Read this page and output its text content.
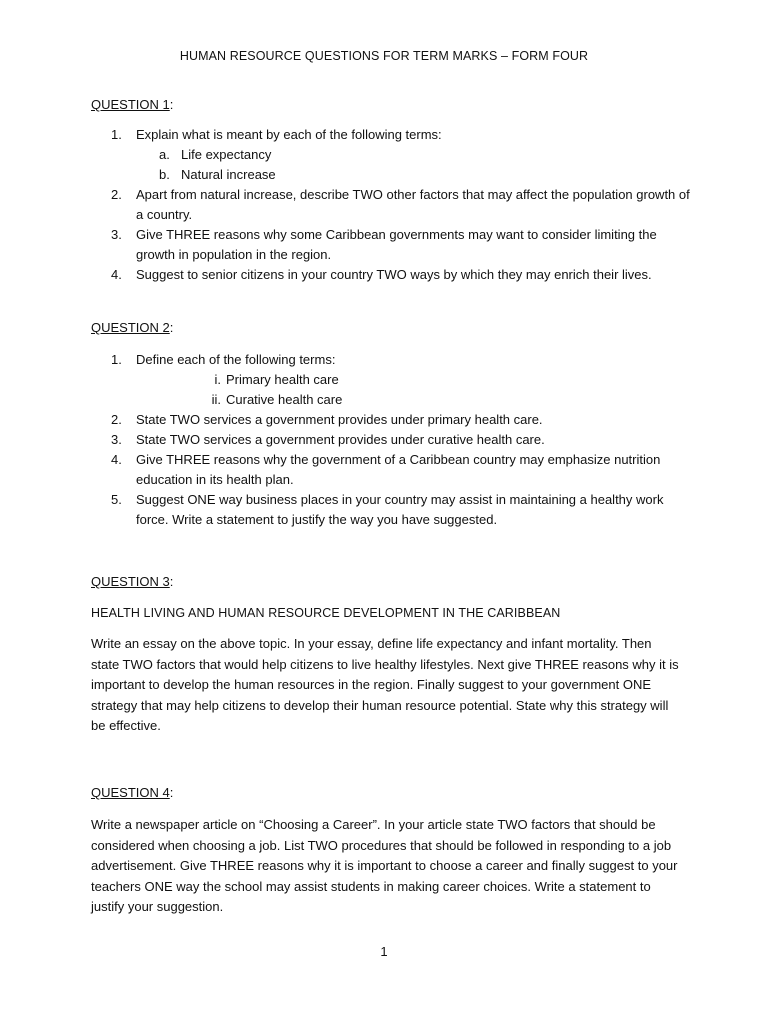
HUMAN RESOURCE QUESTIONS FOR TERM MARKS – FORM FOUR
QUESTION 1:
1.	Explain what is meant by each of the following terms:
a. Life expectancy
b. Natural increase
2.	Apart from natural increase, describe TWO other factors that may affect the population growth of a country.
3.	Give THREE reasons why some Caribbean governments may want to consider limiting the growth in population in the region.
4.	Suggest to senior citizens in your country TWO ways by which they may enrich their lives.
QUESTION 2:
1.	Define each of the following terms:
i. Primary health care
ii. Curative health care
2.	State TWO services a government provides under primary health care.
3.	State TWO services a government provides under curative health care.
4.	Give THREE reasons why the government of a Caribbean country may emphasize nutrition education in its health plan.
5.	Suggest ONE way business places in your country may assist in maintaining a healthy work force. Write a statement to justify the way you have suggested.
QUESTION 3:
HEALTH LIVING AND HUMAN RESOURCE DEVELOPMENT IN THE CARIBBEAN

Write an essay on the above topic. In your essay, define life expectancy and infant mortality. Then state TWO factors that would help citizens to live healthy lifestyles. Next give THREE reasons why it is important to develop the human resources in the region. Finally suggest to your government ONE strategy that may help citizens to develop their human resource potential. State why this strategy will be effective.

QUESTION 4:

Write a newspaper article on “Choosing a Career”. In your article state TWO factors that should be considered when choosing a job. List TWO procedures that should be followed in responding to a job advertisement. Give THREE reasons why it is important to choose a career and finally suggest to your teachers ONE way the school may assist students in making career choices. Write a statement to justify your suggestion.

1
